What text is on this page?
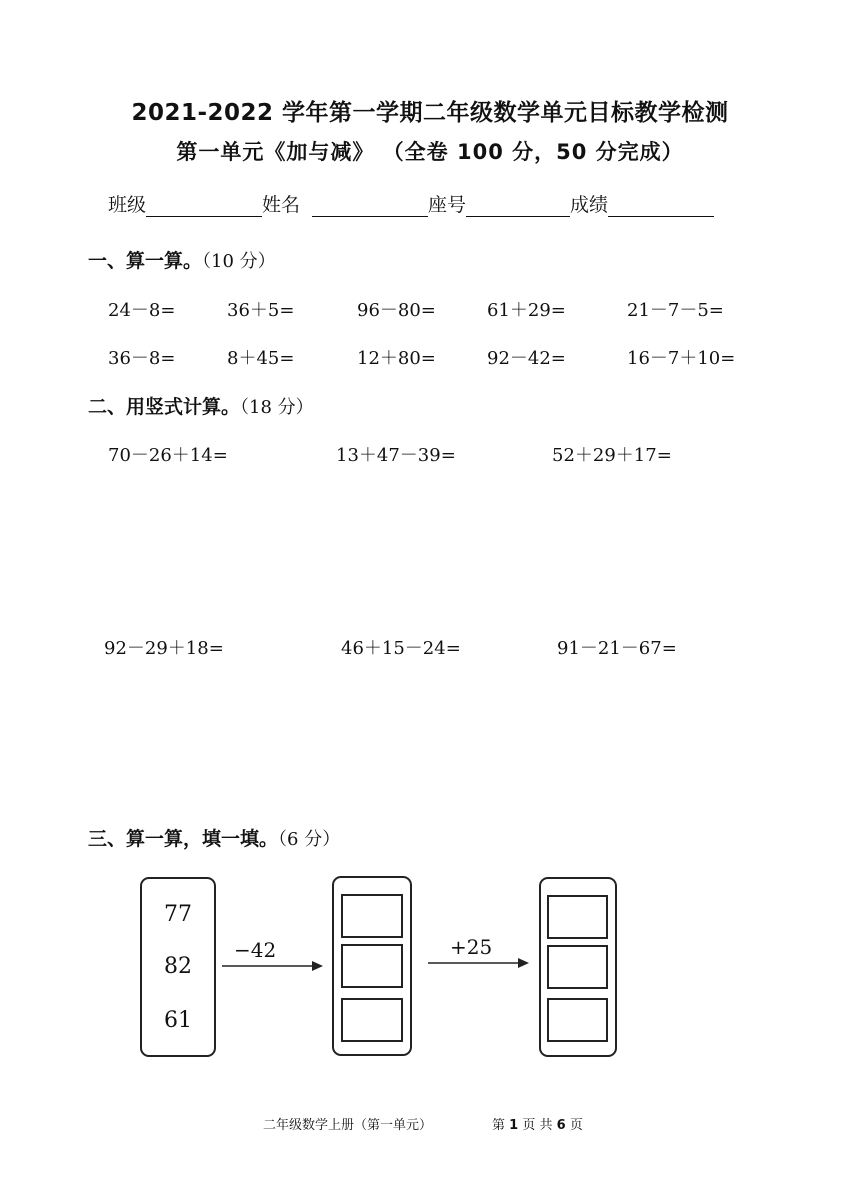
2021-2022 学年第一学期二年级数学单元目标教学检测
第一单元《加与减》 （全卷 100 分，50 分完成）
班级	姓名	座号	成绩
一、算一算。（10 分）
24－8=	36＋5=	96－80=	61＋29=	21－7－5=
36－8=	8＋45=	12＋80=	92－42=	16－7＋10=
二、用竖式计算。（18 分）
70－26＋14=	13＋47－39=	52＋29＋17=
92－29＋18=	46＋15－24=	91－21－67=
三、算一算，填一填。（6 分）
77
82
61
−42	+25
二年级数学上册（第一单元）	第 1 页 共 6 页
